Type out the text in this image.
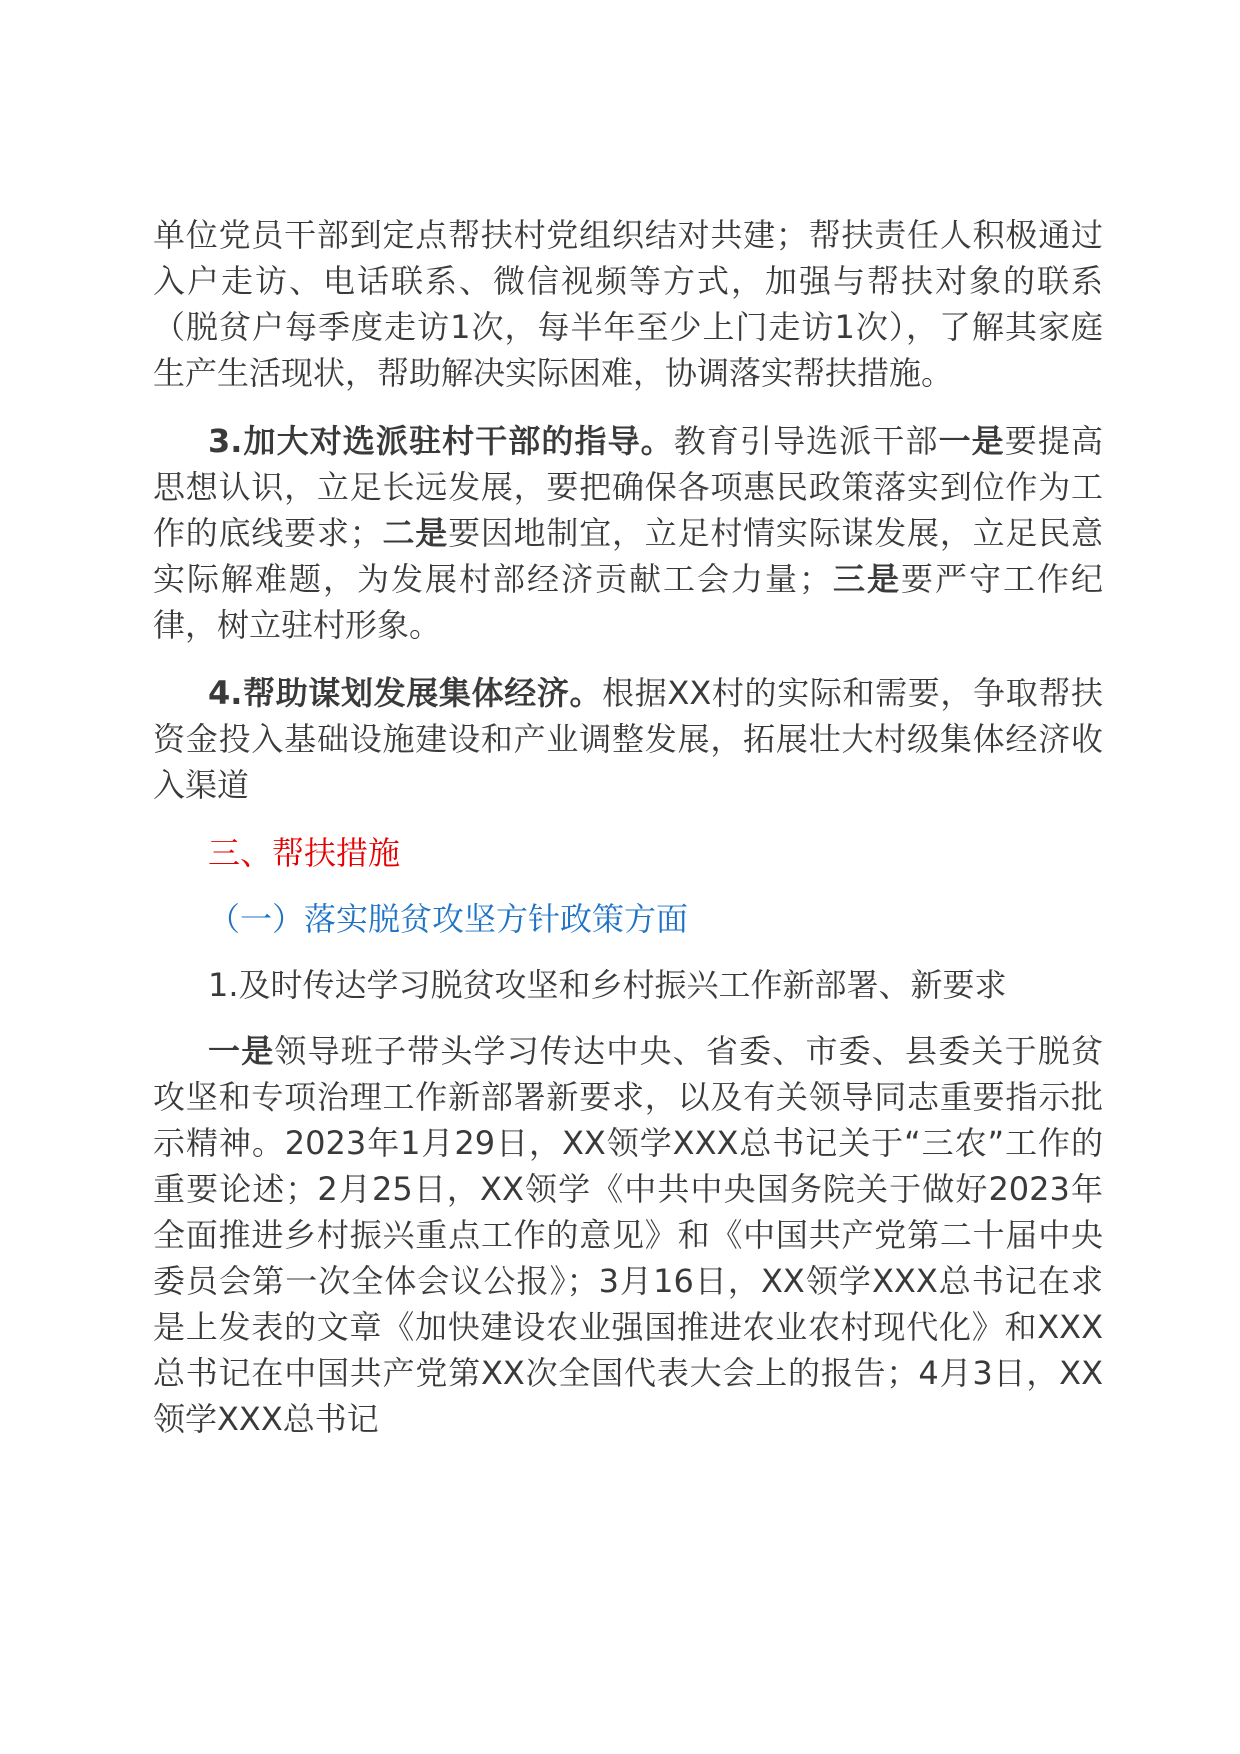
单位党员干部到定点帮扶村党组织结对共建；帮扶责任人积极通过入户走访、电话联系、微信视频等方式，加强与帮扶对象的联系（脱贫户每季度走访1次，每半年至少上门走访1次），了解其家庭生产生活现状，帮助解决实际困难，协调落实帮扶措施。

3.加大对选派驻村干部的指导。教育引导选派干部一是要提高思想认识，立足长远发展，要把确保各项惠民政策落实到位作为工作的底线要求；二是要因地制宜，立足村情实际谋发展，立足民意实际解难题，为发展村部经济贡献工会力量；三是要严守工作纪律，树立驻村形象。

4.帮助谋划发展集体经济。根据XX村的实际和需要，争取帮扶资金投入基础设施建设和产业调整发展，拓展壮大村级集体经济收入渠道

三、帮扶措施

（一）落实脱贫攻坚方针政策方面

1.及时传达学习脱贫攻坚和乡村振兴工作新部署、新要求

一是领导班子带头学习传达中央、省委、市委、县委关于脱贫攻坚和专项治理工作新部署新要求，以及有关领导同志重要指示批示精神。2023年1月29日，XX领学XXX总书记关于“三农”工作的重要论述；2月25日，XX领学《中共中央国务院关于做好2023年全面推进乡村振兴重点工作的意见》和《中国共产党第二十届中央委员会第一次全体会议公报》；3月16日，XX领学XXX总书记在求是上发表的文章《加快建设农业强国推进农业农村现代化》和XXX总书记在中国共产党第XX次全国代表大会上的报告；4月3日，XX领学XXX总书记
